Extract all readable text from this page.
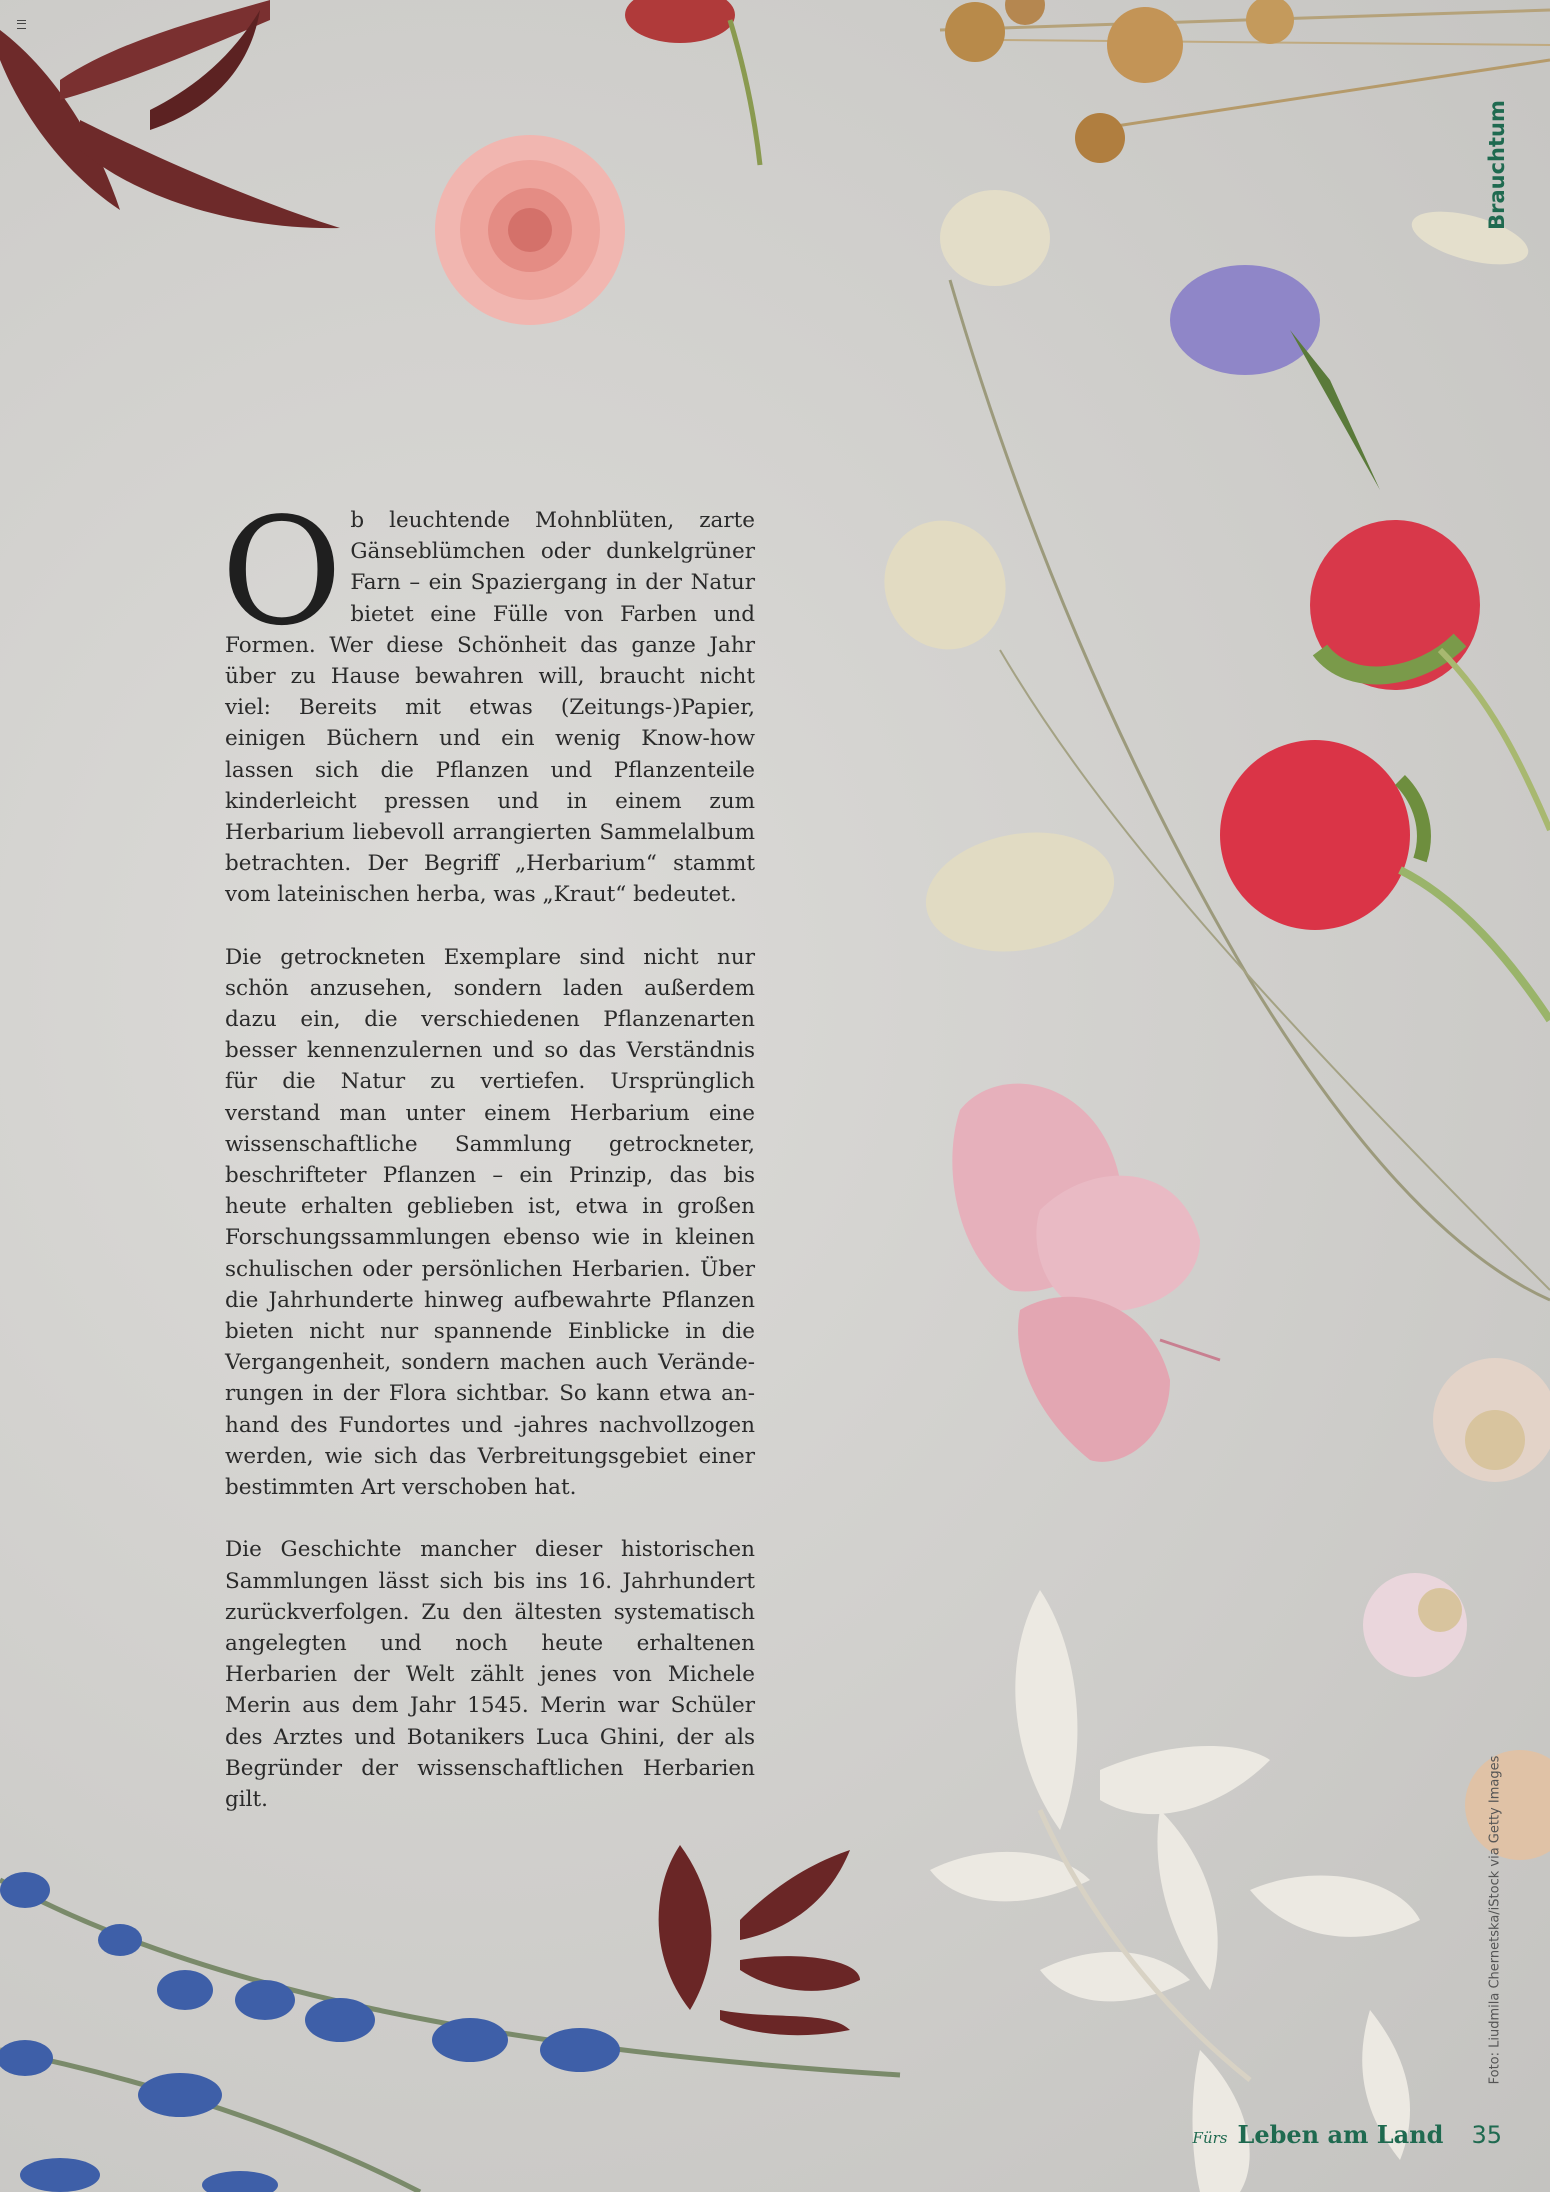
Brauchtum

Ob leuchtende Mohnblüten, zarte Gänseblümchen oder dunkelgrüner Farn – ein Spaziergang in der Natur bietet eine Fülle von Farben und Formen. Wer diese Schönheit das ganze Jahr über zu Hause bewahren will, braucht nicht viel: Bereits mit etwas (Zeitungs-)Papier, einigen Büchern und ein wenig Know-how lassen sich die Pflanzen und Pflanzenteile kinderleicht pressen und in einem zum Herbarium liebevoll arrangierten Sammelalbum betrachten. Der Begriff „Herbarium“ stammt vom lateinischen herba, was „Kraut“ bedeutet.

Die getrockneten Exemplare sind nicht nur schön anzusehen, sondern laden außerdem dazu ein, die verschiedenen Pflanzenarten besser kennenzulernen und so das Verständnis für die Natur zu vertiefen. Ursprünglich verstand man unter einem Herbarium eine wissenschaftliche Sammlung getrockneter, beschrifteter Pflanzen – ein Prinzip, das bis heute erhalten geblieben ist, etwa in großen Forschungssammlungen ebenso wie in kleinen schulischen oder persönlichen Herbarien. Über die Jahrhunderte hinweg aufbewahrte Pflanzen bieten nicht nur spannende Einblicke in die Vergangenheit, sondern machen auch Veränderungen in der Flora sichtbar. So kann etwa anhand des Fundortes und -jahres nachvollzogen werden, wie sich das Verbreitungsgebiet einer bestimmten Art verschoben hat.

Die Geschichte mancher dieser historischen Sammlungen lässt sich bis ins 16. Jahrhundert zurückverfolgen. Zu den ältesten systematisch angelegten und noch heute erhaltenen Herbarien der Welt zählt jenes von Michele Merin aus dem Jahr 1545. Merin war Schüler des Arztes und Botanikers Luca Ghini, der als Begründer der wissenschaftlichen Herbarien gilt.	Foto: Liudmila Chernetska/iStock via Getty Images
Fürs Leben am Land 35
